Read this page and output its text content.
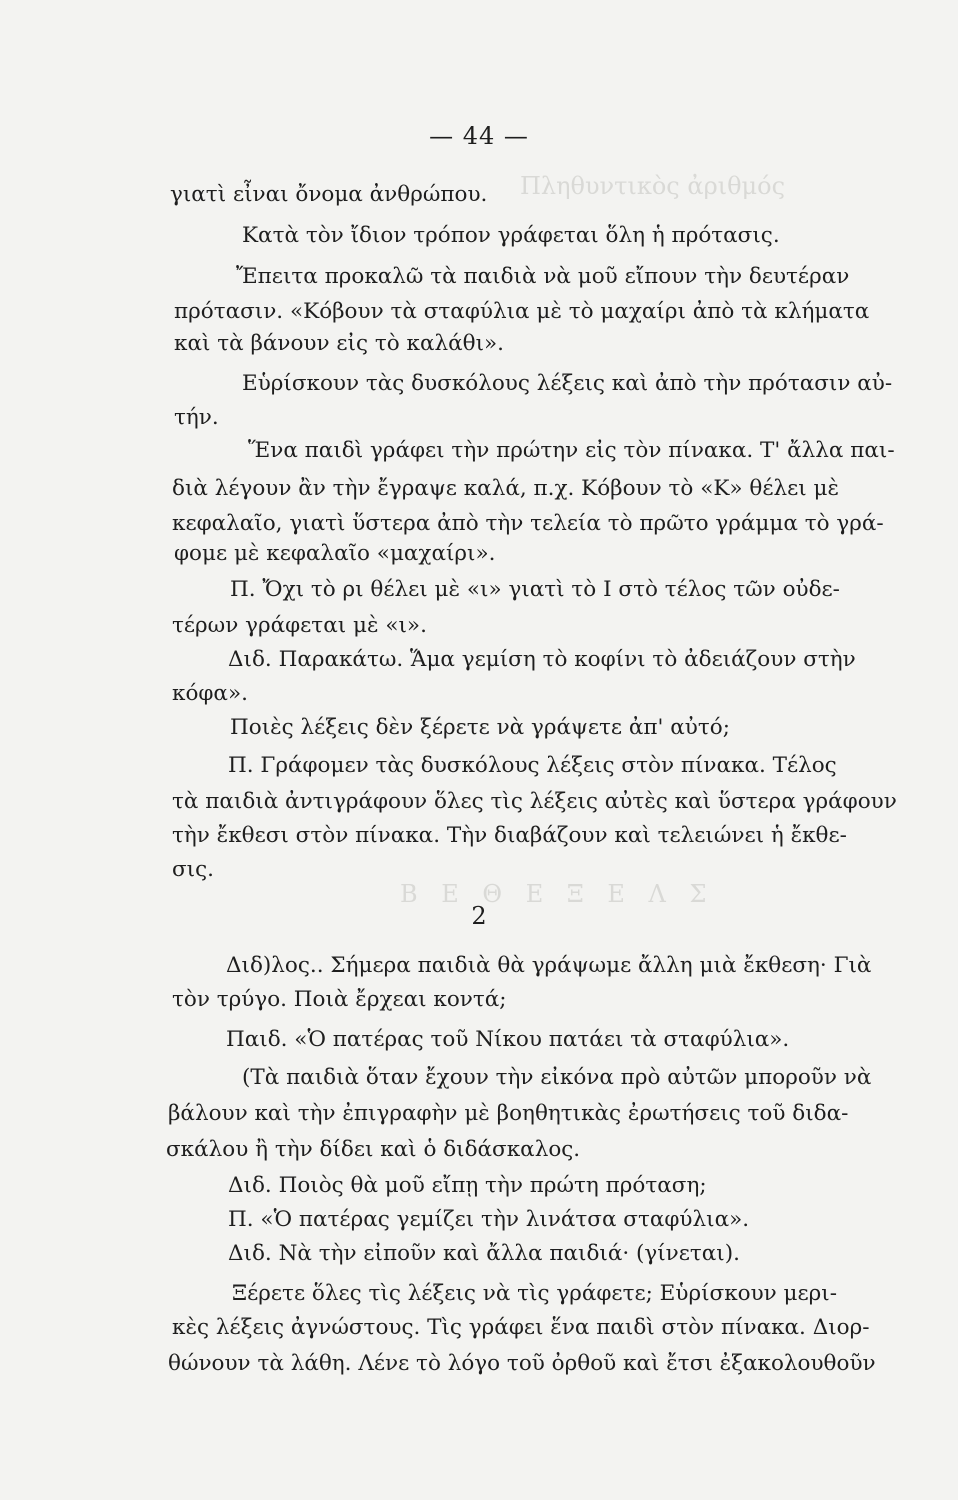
Πληθυντικὸς ἀριθμός
Β Ε Θ Ε Ξ Ε Λ Σ
— 44 —
γιατὶ εἶναι ὄνομα ἀνθρώπου.
Κατὰ τὸν ἴδιον τρόπον γράφεται ὅλη ἡ πρότασις.
Ἔπειτα προκαλῶ τὰ παιδιὰ νὰ μοῦ εἴπουν τὴν δευτέραν
πρότασιν. «Κόβουν τὰ σταφύλια μὲ τὸ μαχαίρι ἀπὸ τὰ κλήματα
καὶ τὰ βάνουν εἰς τὸ καλάθι».
Εὑρίσκουν τὰς δυσκόλους λέξεις καὶ ἀπὸ τὴν πρότασιν αὐ-
τήν.
Ἕνα παιδὶ γράφει τὴν πρώτην εἰς τὸν πίνακα. Τ' ἄλλα παι-
διὰ λέγουν ἂν τὴν ἔγραψε καλά, π.χ. Κόβουν τὸ «Κ» θέλει μὲ
κεφαλαῖο, γιατὶ ὕστερα ἀπὸ τὴν τελεία τὸ πρῶτο γράμμα τὸ γρά-
φομε μὲ κεφαλαῖο «μαχαίρι».
Π. Ὄχι τὸ ρι θέλει μὲ «ι» γιατὶ τὸ Ι στὸ τέλος τῶν οὐδε-
τέρων γράφεται μὲ «ι».
Διδ. Παρακάτω. Ἅμα γεμίση τὸ κοφίνι τὸ ἀδειάζουν στὴν
κόφα».
Ποιὲς λέξεις δὲν ξέρετε νὰ γράψετε ἀπ' αὐτό;
Π. Γράφομεν τὰς δυσκόλους λέξεις στὸν πίνακα. Τέλος
τὰ παιδιὰ ἀντιγράφουν ὅλες τὶς λέξεις αὐτὲς καὶ ὕστερα γράφουν
τὴν ἔκθεσι στὸν πίνακα. Τὴν διαβάζουν καὶ τελειώνει ἡ ἔκθε-
σις.
Διδ)λος.. Σήμερα παιδιὰ θὰ γράψωμε ἄλλη μιὰ ἔκθεση· Γιὰ
τὸν τρύγο. Ποιὰ ἔρχεαι κοντά;
Παιδ. «Ὁ πατέρας τοῦ Νίκου πατάει τὰ σταφύλια».
(Τὰ παιδιὰ ὅταν ἔχουν τὴν εἰκόνα πρὸ αὐτῶν μποροῦν νὰ
βάλουν καὶ τὴν ἐπιγραφὴν μὲ βοηθητικὰς ἐρωτήσεις τοῦ διδα-
σκάλου ἢ τὴν δίδει καὶ ὁ διδάσκαλος.
Διδ. Ποιὸς θὰ μοῦ εἴπῃ τὴν πρώτη πρόταση;
Π. «Ὁ πατέρας γεμίζει τὴν λινάτσα σταφύλια».
Διδ. Νὰ τὴν εἰποῦν καὶ ἄλλα παιδιά· (γίνεται).
Ξέρετε ὅλες τὶς λέξεις νὰ τὶς γράφετε; Εὑρίσκουν μερι-
κὲς λέξεις ἀγνώστους. Τὶς γράφει ἕνα παιδὶ στὸν πίνακα. Διορ-
θώνουν τὰ λάθη. Λένε τὸ λόγο τοῦ ὀρθοῦ καὶ ἔτσι ἐξακολουθοῦν
2
